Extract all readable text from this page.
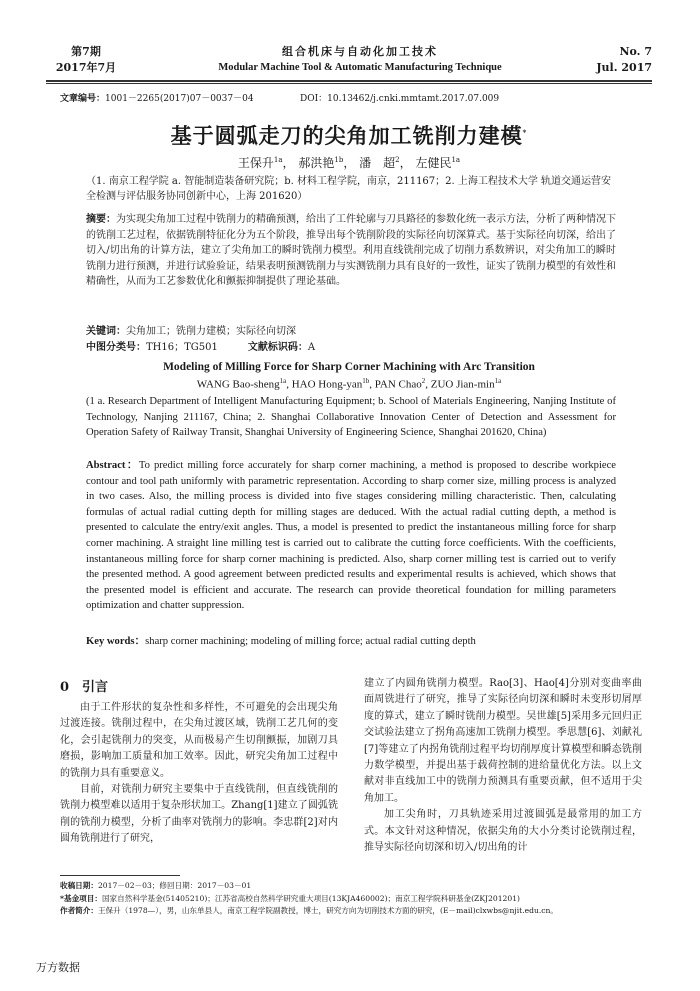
第7期
2017年7月
组合机床与自动化加工技术
Modular Machine Tool & Automatic Manufacturing Technique
No. 7
Jul. 2017
文章编号：1001－2265(2017)07－0037－04	DOI：10.13462/j.cnki.mmtamt.2017.07.009
基于圆弧走刀的尖角加工铣削力建模*
王保升$^{1a}$， 郝洪艳$^{1b}$， 潘　超$^2$， 左健民$^{1a}$
（1. 南京工程学院 a. 智能制造装备研究院；b. 材料工程学院，南京，211167；2. 上海工程技术大学 轨道交通运营安全检测与评估服务协同创新中心，上海 201620）
摘要：为实现尖角加工过程中铣削力的精确预测，给出了工件轮廓与刀具路径的参数化统一表示方法，分析了两种情况下的铣削工艺过程，依据铣削特征化分为五个阶段，推导出每个铣削阶段的实际径向切深算式。基于实际径向切深，给出了切入/切出角的计算方法，建立了尖角加工的瞬时铣削力模型。利用直线铣削完成了切削力系数辨识，对尖角加工的瞬时铣削力进行预测，并进行试验验证，结果表明预测铣削力与实测铣削力具有良好的一致性，证实了铣削力模型的有效性和精确性，从而为工艺参数优化和颤振抑制提供了理论基础。
关键词：尖角加工；铣削力建模；实际径向切深
中图分类号：TH16；TG501	文献标识码：A
Modeling of Milling Force for Sharp Corner Machining with Arc Transition
WANG Bao-sheng$^{1a}$, HAO Hong-yan$^{1b}$, PAN Chao$^2$, ZUO Jian-$\min^{1a}$
(1 a. Research Department of Intelligent Manufacturing Equipment; b. School of Materials Engineering, Nanjing Institute of Technology, Nanjing 211167, China; 2. Shanghai Collaborative Innovation Center of Detection and Assessment for Operation Safety of Railway Transit, Shanghai University of Engineering Science, Shanghai 201620, China)
Abstract：To predict milling force accurately for sharp corner machining, a method is proposed to describe workpiece contour and tool path uniformly with parametric representation. According to sharp corner size, milling process is analyzed in two cases. Also, the milling process is divided into five stages considering milling characteristic. Then, calculating formulas of actual radial cutting depth for milling stages are deduced. With the actual radial cutting depth, a method is presented to calculate the entry/exit angles. Thus, a model is presented to predict the instantaneous milling force for sharp corner machining. A straight line milling test is carried out to calibrate the cutting force coefficients. With the coefficients, instantaneous milling force for sharp corner machining is predicted. Also, sharp corner milling test is carried out to verify the presented method. A good agreement between predicted results and experimental results is achieved, which shows that the presented model is efficient and accurate. The research can provide theoretical foundation for milling parameters optimization and chatter suppression.
Key words：sharp corner machining; modeling of milling force; actual radial cutting depth
0 引言

由于工件形状的复杂性和多样性，不可避免的会出现尖角过渡连接。铣削过程中，在尖角过渡区域，铣削工艺几何的变化，会引起铣削力的突变，从而极易产生切削颤振，加剧刀具磨损，影响加工质量和加工效率。因此，研究尖角加工过程中的铣削力具有重要意义。

目前，对铣削力研究主要集中于直线铣削，但直线铣削的铣削力模型难以适用于复杂形状加工。Zhang[1]建立了圆弧铣削的铣削力模型，分析了曲率对铣削力的影响。李忠群[2]对内圆角铣削进行了研究，

建立了内圆角铣削力模型。Rao[3]、Hao[4]分别对变曲率曲面周铣进行了研究，推导了实际径向切深和瞬时未变形切屑厚度的算式，建立了瞬时铣削力模型。吴世雄[5]采用多元回归正交试验法建立了拐角高速加工铣削力模型。季思慧[6]、刘献礼[7]等建立了内拐角铣削过程平均切削厚度计算模型和瞬态铣削力数学模型，并提出基于载荷控制的进给量优化方法。以上文献对非直线加工中的铣削力预测具有重要贡献，但不适用于尖角加工。

加工尖角时，刀具轨迹采用过渡圆弧是最常用的加工方式。本文针对这种情况，依据尖角的大小分类讨论铣削过程，推导实际径向切深和切入/切出角的计

收稿日期：2017－02－03；修回日期：2017－03－01
*基金项目：国家自然科学基金(51405210)；江苏省高校自然科学研究重大项目(13KJA460002)；南京工程学院科研基金(ZKJ201201)
作者简介：王保升（1978—），男，山东单县人，南京工程学院副教授，博士，研究方向为切削技术方面的研究，(E－mail)clxwbs@njit.edu.cn。
万方数据
